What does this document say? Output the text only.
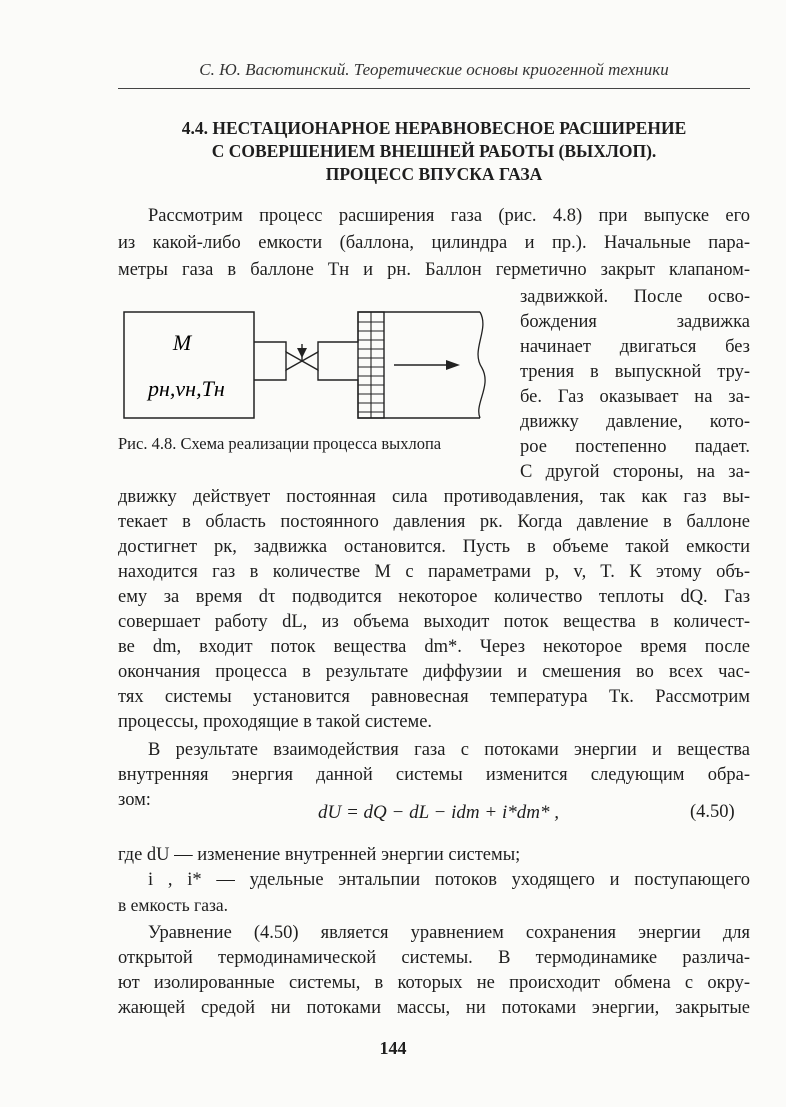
С. Ю. Васютинский. Теоретические основы криогенной техники
4.4. НЕСТАЦИОНАРНОЕ НЕРАВНОВЕСНОЕ РАСШИРЕНИЕ
С СОВЕРШЕНИЕМ ВНЕШНЕЙ РАБОТЫ (ВЫХЛОП).
ПРОЦЕСС ВПУСКА ГАЗА
Рассмотрим процесс расширения газа (рис. 4.8) при выпуске его
из какой-либо емкости (баллона, цилиндра и пр.). Начальные пара-
метры газа в баллоне Tн и pн. Баллон герметично закрыт клапаном-
задвижкой. После осво-
бождения задвижка
начинает двигаться без
трения в выпускной тру-
бе. Газ оказывает на за-
движку давление, кото-
рое постепенно падает.
С другой стороны, на за-
M
pн,vн,Tн
Рис. 4.8. Схема реализации процесса выхлопа
движку действует постоянная сила противодавления, так как газ вы-
текает в область постоянного давления pк. Когда давление в баллоне
достигнет pк, задвижка остановится. Пусть в объеме такой емкости
находится газ в количестве M с параметрами p, v, T. К этому объ-
ему за время dτ подводится некоторое количество теплоты dQ. Газ
совершает работу dL, из объема выходит поток вещества в количест-
ве dm, входит поток вещества dm*. Через некоторое время после
окончания процесса в результате диффузии и смешения во всех час-
тях системы установится равновесная температура Tк. Рассмотрим
процессы, проходящие в такой системе.
В результате взаимодействия газа с потоками энергии и вещества
внутренняя энергия данной системы изменится следующим обра-
зом:
dU = dQ − dL − idm + i*dm* ,	(4.50)
где dU — изменение внутренней энергии системы;
i , i* — удельные энтальпии потоков уходящего и поступающего
в емкость газа.
Уравнение (4.50) является уравнением сохранения энергии для
открытой термодинамической системы. В термодинамике различа-
ют изолированные системы, в которых не происходит обмена с окру-
жающей средой ни потоками массы, ни потоками энергии, закрытые
144
